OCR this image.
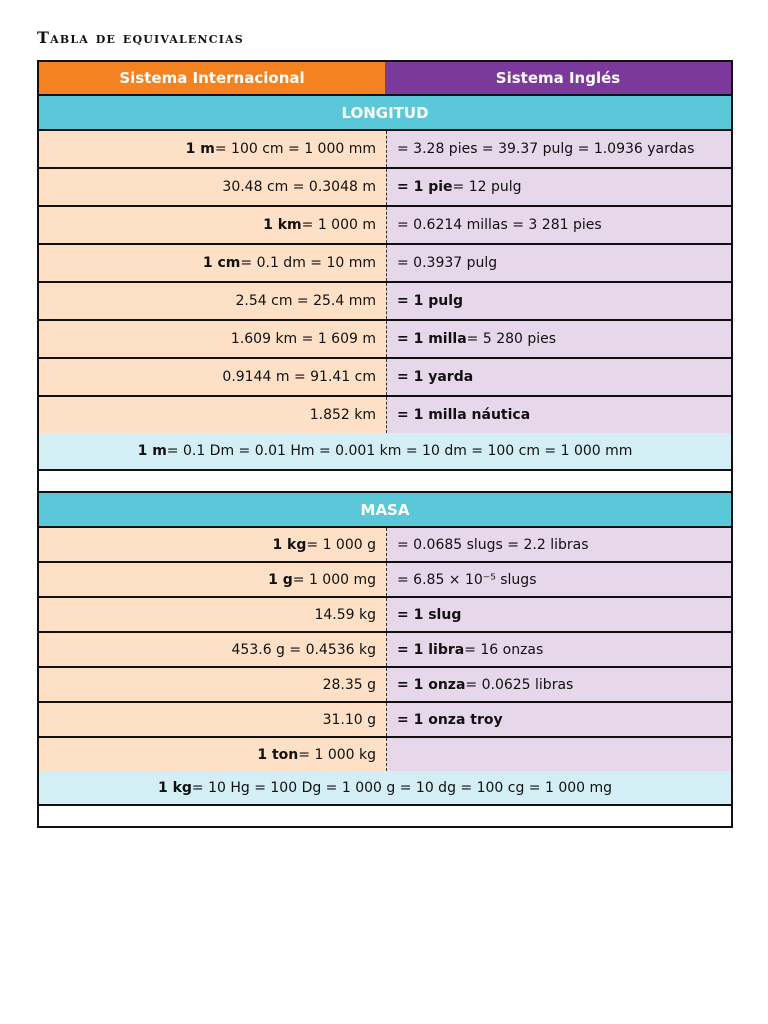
Tabla de equivalencias
Sistema Internacional	Sistema Inglés
LONGITUD
1 m = 100 cm = 1 000 mm = 3.28 pies = 39.37 pulg = 1.0936 yardas
30.48 cm = 0.3048 m = 1 pie = 12 pulg
1 km = 1 000 m = 0.6214 millas = 3 281 pies
1 cm = 0.1 dm = 10 mm = 0.3937 pulg
2.54 cm = 25.4 mm = 1 pulg
1.609 km = 1 609 m = 1 milla = 5 280 pies
0.9144 m = 91.41 cm = 1 yarda
1.852 km = 1 milla náutica
1 m = 0.1 Dm = 0.01 Hm = 0.001 km = 10 dm = 100 cm = 1 000 mm
MASA
1 kg = 1 000 g = 0.0685 slugs = 2.2 libras
1 g = 1 000 mg = 6.85 × 10⁻⁵ slugs
14.59 kg = 1 slug
453.6 g = 0.4536 kg = 1 libra = 16 onzas
28.35 g = 1 onza = 0.0625 libras
31.10 g = 1 onza troy
1 ton = 1 000 kg
1 kg = 10 Hg = 100 Dg = 1 000 g = 10 dg = 100 cg = 1 000 mg
